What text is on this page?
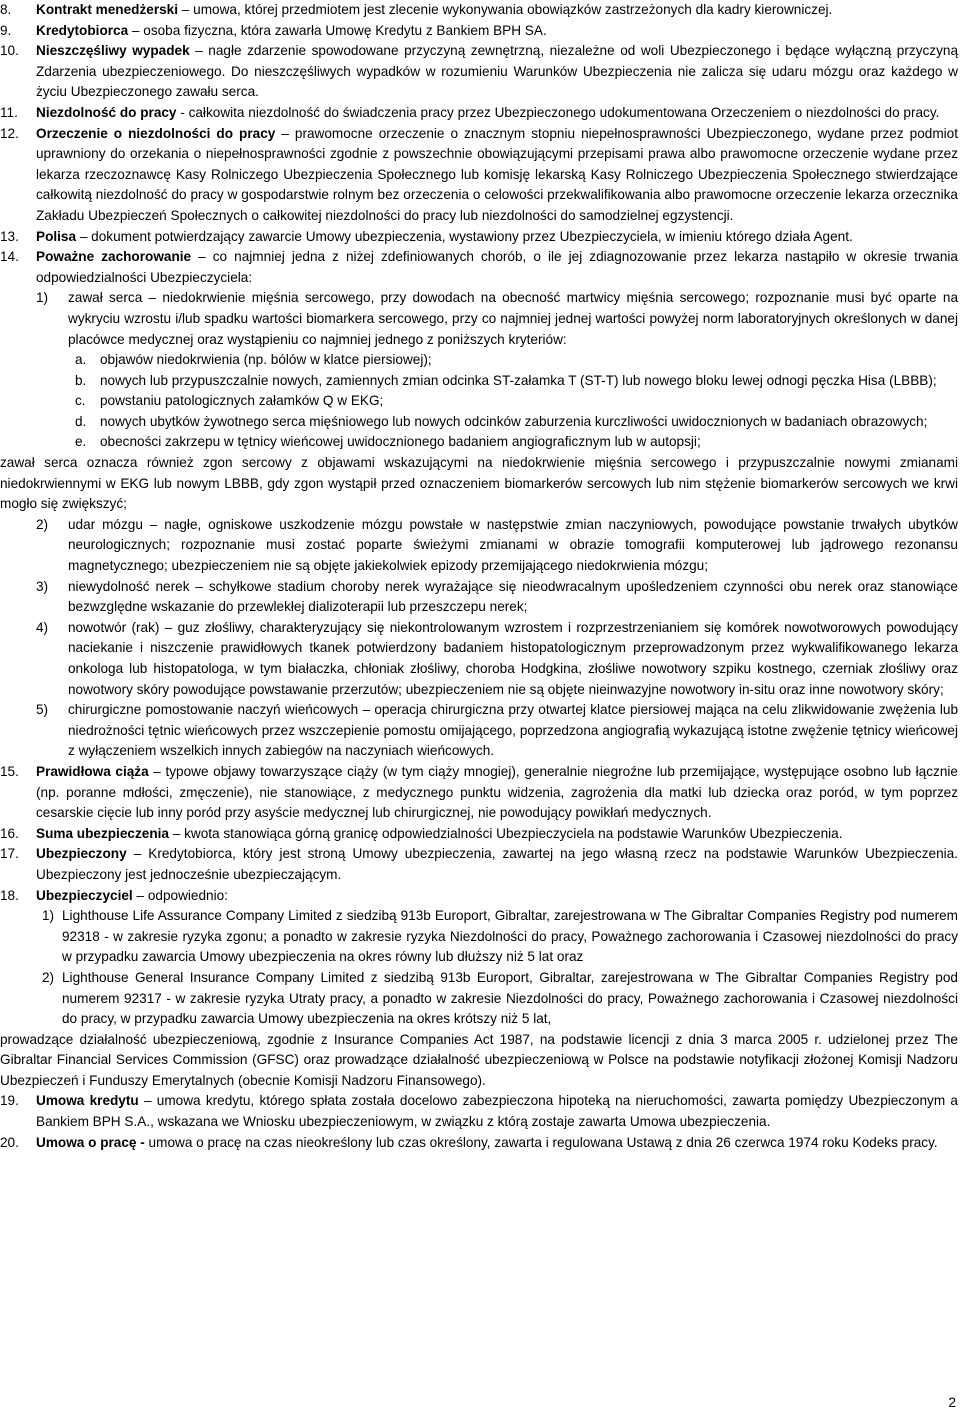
8. Kontrakt menedżerski – umowa, której przedmiotem jest zlecenie wykonywania obowiązków zastrzeżonych dla kadry kierowniczej.
9. Kredytobiorca – osoba fizyczna, która zawarła Umowę Kredytu z Bankiem BPH SA.
10. Nieszczęśliwy wypadek – nagłe zdarzenie spowodowane przyczyną zewnętrzną, niezależne od woli Ubezpieczonego i będące wyłączną przyczyną Zdarzenia ubezpieczeniowego. Do nieszczęśliwych wypadków w rozumieniu Warunków Ubezpieczenia nie zalicza się udaru mózgu oraz każdego w życiu Ubezpieczonego zawału serca.
11. Niezdolność do pracy - całkowita niezdolność do świadczenia pracy przez Ubezpieczonego udokumentowana Orzeczeniem o niezdolności do pracy.
12. Orzeczenie o niezdolności do pracy – prawomocne orzeczenie o znacznym stopniu niepełnosprawności Ubezpieczonego, wydane przez podmiot uprawniony do orzekania o niepełnosprawności zgodnie z powszechnie obowiązującymi przepisami prawa albo prawomocne orzeczenie wydane przez lekarza rzeczoznawcę Kasy Rolniczego Ubezpieczenia Społecznego lub komisję lekarską Kasy Rolniczego Ubezpieczenia Społecznego stwierdzające całkowitą niezdolność do pracy w gospodarstwie rolnym bez orzeczenia o celowości przekwalifikowania albo prawomocne orzeczenie lekarza orzecznika Zakładu Ubezpieczeń Społecznych o całkowitej niezdolności do pracy lub niezdolności do samodzielnej egzystencji.
13. Polisa – dokument potwierdzający zawarcie Umowy ubezpieczenia, wystawiony przez Ubezpieczyciela, w imieniu którego działa Agent.
14. Poważne zachorowanie – co najmniej jedna z niżej zdefiniowanych chorób, o ile jej zdiagnozowanie przez lekarza nastąpiło w okresie trwania odpowiedzialności Ubezpieczyciela:
1) zawał serca – niedokrwienie mięśnia sercowego, przy dowodach na obecność martwicy mięśnia sercowego; rozpoznanie musi być oparte na wykryciu wzrostu i/lub spadku wartości biomarkera sercowego, przy co najmniej jednej wartości powyżej norm laboratoryjnych określonych w danej placówce medycznej oraz wystąpieniu co najmniej jednego z poniższych kryteriów:
a. objawów niedokrwienia (np. bólów w klatce piersiowej);
b. nowych lub przypuszczalnie nowych, zamiennych zmian odcinka ST-załamka T (ST-T) lub nowego bloku lewej odnogi pęczka Hisa (LBBB);
c. powstaniu patologicznych załamków Q w EKG;
d. nowych ubytków żywotnego serca mięśniowego lub nowych odcinków zaburzenia kurczliwości uwidocznionych w badaniach obrazowych;
e. obecności zakrzepu w tętnicy wieńcowej uwidocznionego badaniem angiograficznym lub w autopsji;
zawał serca oznacza również zgon sercowy z objawami wskazującymi na niedokrwienie mięśnia sercowego i przypuszczalnie nowymi zmianami niedokrwiennymi w EKG lub nowym LBBB, gdy zgon wystąpił przed oznaczeniem biomarkerów sercowych lub nim stężenie biomarkerów sercowych we krwi mogło się zwiększyć;
2) udar mózgu – nagłe, ogniskowe uszkodzenie mózgu powstałe w następstwie zmian naczyniowych, powodujące powstanie trwałych ubytków neurologicznych; rozpoznanie musi zostać poparte świeżymi zmianami w obrazie tomografii komputerowej lub jądrowego rezonansu magnetycznego; ubezpieczeniem nie są objęte jakiekolwiek epizody przemijającego niedokrwienia mózgu;
3) niewydolność nerek – schyłkowe stadium choroby nerek wyrażające się nieodwracalnym upośledzeniem czynności obu nerek oraz stanowiące bezwzględne wskazanie do przewlekłej dializoterapii lub przeszczepu nerek;
4) nowotwór (rak) – guz złośliwy, charakteryzujący się niekontrolowanym wzrostem i rozprzestrzenianiem się komórek nowotworowych powodujący naciekanie i niszczenie prawidłowych tkanek potwierdzony badaniem histopatologicznym przeprowadzonym przez wykwalifikowanego lekarza onkologa lub histopatologa, w tym białaczka, chłoniak złośliwy, choroba Hodgkina, złośliwe nowotwory szpiku kostnego, czerniak złośliwy oraz nowotwory skóry powodujące powstawanie przerzutów; ubezpieczeniem nie są objęte nieinwazyjne nowotwory in-situ oraz inne nowotwory skóry;
5) chirurgiczne pomostowanie naczyń wieńcowych – operacja chirurgiczna przy otwartej klatce piersiowej mająca na celu zlikwidowanie zwężenia lub niedrożności tętnic wieńcowych przez wszczepienie pomostu omijającego, poprzedzona angiografią wykazującą istotne zwężenie tętnicy wieńcowej z wyłączeniem wszelkich innych zabiegów na naczyniach wieńcowych.
15. Prawidłowa ciąża – typowe objawy towarzyszące ciąży (w tym ciąży mnogiej), generalnie niegroźne lub przemijające, występujące osobno lub łącznie (np. poranne mdłości, zmęczenie), nie stanowiące, z medycznego punktu widzenia, zagrożenia dla matki lub dziecka oraz poród, w tym poprzez cesarskie cięcie lub inny poród przy asyście medycznej lub chirurgicznej, nie powodujący powikłań medycznych.
16. Suma ubezpieczenia – kwota stanowiąca górną granicę odpowiedzialności Ubezpieczyciela na podstawie Warunków Ubezpieczenia.
17. Ubezpieczony – Kredytobiorca, który jest stroną Umowy ubezpieczenia, zawartej na jego własną rzecz na podstawie Warunków Ubezpieczenia. Ubezpieczony jest jednocześnie ubezpieczającym.
18. Ubezpieczyciel – odpowiednio:
1) Lighthouse Life Assurance Company Limited z siedzibą 913b Europort, Gibraltar, zarejestrowana w The Gibraltar Companies Registry pod numerem 92318 - w zakresie ryzyka zgonu; a ponadto w zakresie ryzyka Niezdolności do pracy, Poważnego zachorowania i Czasowej niezdolności do pracy w przypadku zawarcia Umowy ubezpieczenia na okres równy lub dłuższy niż 5 lat oraz
2) Lighthouse General Insurance Company Limited z siedzibą 913b Europort, Gibraltar, zarejestrowana w The Gibraltar Companies Registry pod numerem 92317 - w zakresie ryzyka Utraty pracy, a ponadto w zakresie Niezdolności do pracy, Poważnego zachorowania i Czasowej niezdolności do pracy, w przypadku zawarcia Umowy ubezpieczenia na okres krótszy niż 5 lat,
prowadzące działalność ubezpieczeniową, zgodnie z Insurance Companies Act 1987, na podstawie licencji z dnia 3 marca 2005 r. udzielonej przez The Gibraltar Financial Services Commission (GFSC) oraz prowadzące działalność ubezpieczeniową w Polsce na podstawie notyfikacji złożonej Komisji Nadzoru Ubezpieczeń i Funduszy Emerytalnych (obecnie Komisji Nadzoru Finansowego).
19. Umowa kredytu – umowa kredytu, którego spłata została docelowo zabezpieczona hipoteką na nieruchomości, zawarta pomiędzy Ubezpieczonym a Bankiem BPH S.A., wskazana we Wniosku ubezpieczeniowym, w związku z którą zostaje zawarta Umowa ubezpieczenia.
20. Umowa o pracę - umowa o pracę na czas nieokreślony lub czas określony, zawarta i regulowana Ustawą z dnia 26 czerwca 1974 roku Kodeks pracy.
2
